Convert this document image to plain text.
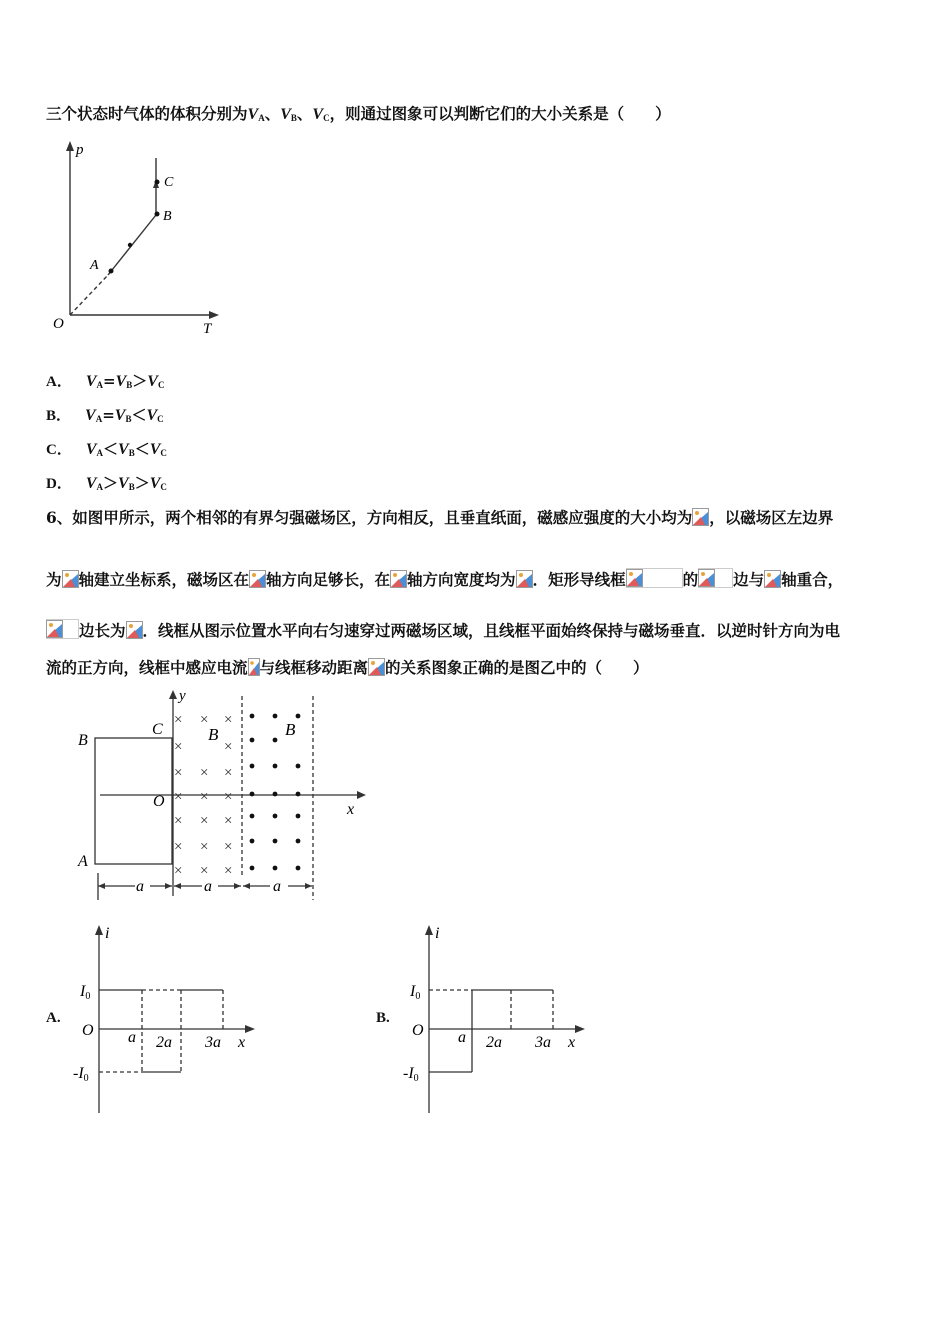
三个状态时气体的体积分别为$V_A$、$V_B$、$V_C$，则通过图象可以判断它们的大小关系是（　　）
p
T
O
A
B
C
A． $V_A=V_B>V_C$
B． $V_A=V_B<V_C$
C． $V_A<V_B<V_C$
D． $V_A>V_B>V_C$
6、如图甲所示，两个相邻的有界匀强磁场区，方向相反，且垂直纸面，磁感应强度的大小均为 ，以磁场区左边界
为 轴建立坐标系，磁场区在 轴方向足够长，在 轴方向宽度均为 ．矩形导线框	的 边与 轴重合，
边长为 ．线框从图示位置水平向右匀速穿过两磁场区域，且线框平面始终保持与磁场垂直．以逆时针方向为电
流的正方向，线框中感应电流 与线框移动距离 的关系图象正确的是图乙中的（　　）
× × ×
×	×
× × ×
× × ×
× × ×
× × ×
× × ×
y
x
O
A
B
C	B	B
a	a	a
A.
i
I0
-I0
O a 2a 3a x
B.
i
I0
-I0
O a 2a 3a x
